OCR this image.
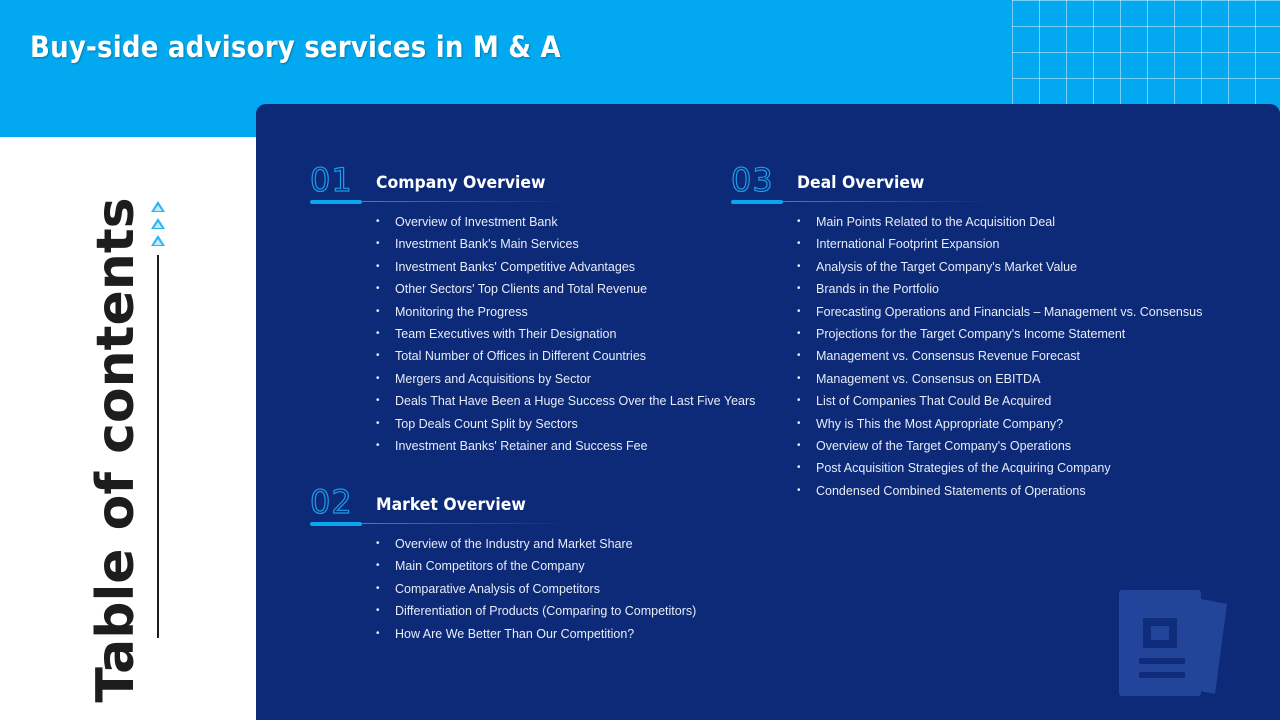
Buy-side advisory services in M & A
Table of contents
01 Company Overview
• Overview of Investment Bank
• Investment Bank's Main Services
• Investment Banks' Competitive Advantages
• Other Sectors' Top Clients and Total Revenue
• Monitoring the Progress
• Team Executives with Their Designation
• Total Number of Offices in Different Countries
• Mergers and Acquisitions by Sector
• Deals That Have Been a Huge Success Over the Last Five Years
• Top Deals Count Split by Sectors
• Investment Banks' Retainer and Success Fee
02 Market Overview
• Overview of the Industry and Market Share
• Main Competitors of the Company
• Comparative Analysis of Competitors
• Differentiation of Products (Comparing to Competitors)
• How Are We Better Than Our Competition?
03 Deal Overview
• Main Points Related to the Acquisition Deal
• International Footprint Expansion
• Analysis of the Target Company's Market Value
• Brands in the Portfolio
• Forecasting Operations and Financials – Management vs. Consensus
• Projections for the Target Company's Income Statement
• Management vs. Consensus Revenue Forecast
• Management vs. Consensus on EBITDA
• List of Companies That Could Be Acquired
• Why is This the Most Appropriate Company?
• Overview of the Target Company's Operations
• Post Acquisition Strategies of the Acquiring Company
• Condensed Combined Statements of Operations
